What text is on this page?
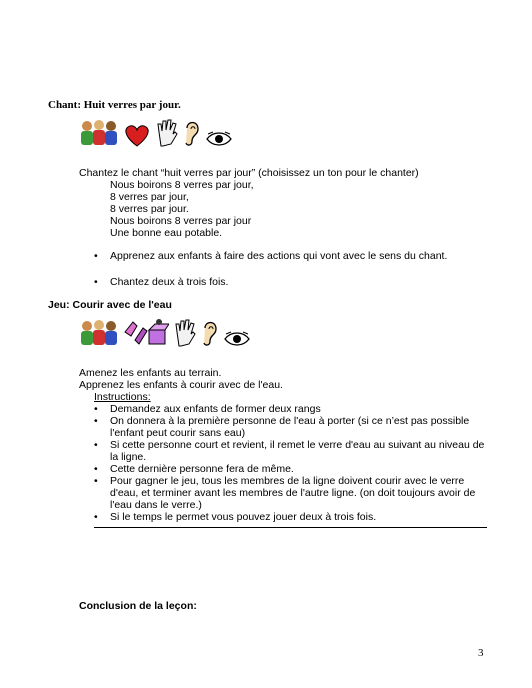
Chant: Huit verres par jour.
Chantez le chant “huit verres par jour” (choisissez un ton pour le chanter)
Nous boirons 8 verres par jour,
8 verres par jour,
8 verres par jour.
Nous boirons 8 verres par jour
Une bonne eau potable.
• Apprenez aux enfants à faire des actions qui vont avec le sens du chant.
• Chantez deux à trois fois.
Jeu: Courir avec de l'eau
Amenez les enfants au terrain.
Apprenez les enfants à courir avec de l'eau.
Instructions:
• Demandez aux enfants de former deux rangs
• On donnera à la première personne de l'eau à porter (si ce n’est pas possible
l'enfant peut courir sans eau)
• Si cette personne court et revient, il remet le verre d'eau au suivant au niveau de
la ligne.
• Cette dernière personne fera de même.
• Pour gagner le jeu, tous les membres de la ligne doivent courir avec le verre
d'eau, et terminer avant les membres de l'autre ligne. (on doit toujours avoir de
l'eau dans le verre.)
• Si le temps le permet vous pouvez jouer deux à trois fois.
Conclusion de la leçon:
3
